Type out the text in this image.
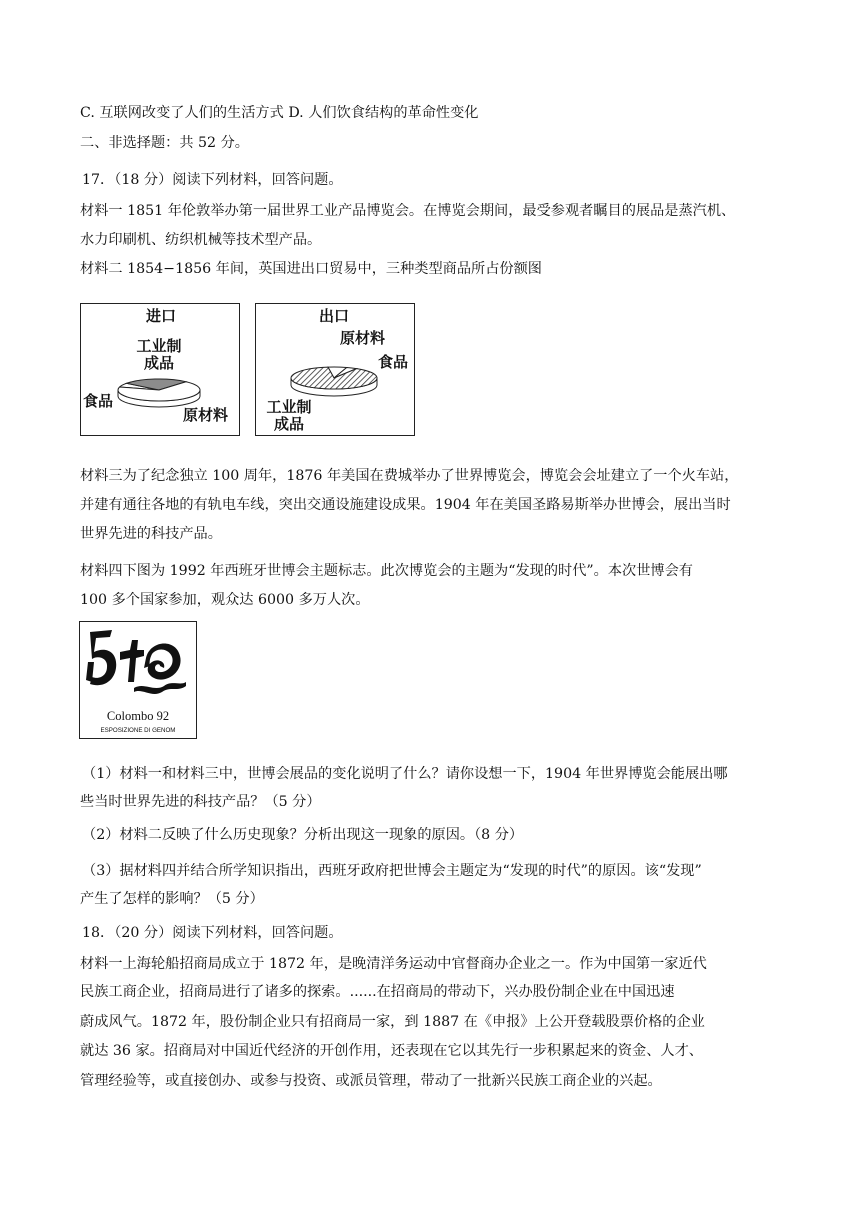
C. 互联网改变了人们的生活方式 D. 人们饮食结构的革命性变化
二、非选择题：共 52 分。
17．（18 分）阅读下列材料，回答问题。
材料一 1851 年伦敦举办第一届世界工业产品博览会。在博览会期间，最受参观者瞩目的展品是蒸汽机、
水力印刷机、纺织机械等技术型产品。
材料二 1854−1856 年间，英国进出口贸易中，三种类型商品所占份额图
进口
工业制
成品
食品
原材料
出口
原材料
食品
工业制
成品
材料三为了纪念独立 100 周年，1876 年美国在费城举办了世界博览会，博览会会址建立了一个火车站，
并建有通往各地的有轨电车线，突出交通设施建设成果。1904 年在美国圣路易斯举办世博会，展出当时
世界先进的科技产品。
材料四下图为 1992 年西班牙世博会主题标志。此次博览会的主题为“发现的时代”。本次世博会有
100 多个国家参加，观众达 6000 多万人次。
Colombo 92
ESPOSIZIONE DI GENOM
（1）材料一和材料三中，世博会展品的变化说明了什么？请你设想一下，1904 年世界博览会能展出哪
些当时世界先进的科技产品？（5 分）
（2）材料二反映了什么历史现象？分析出现这一现象的原因。（8 分）
（3）据材料四并结合所学知识指出，西班牙政府把世博会主题定为“发现的时代”的原因。该“发现”
产生了怎样的影响？（5 分）
18．（20 分）阅读下列材料，回答问题。
材料一上海轮船招商局成立于 1872 年，是晚清洋务运动中官督商办企业之一。作为中国第一家近代
民族工商企业，招商局进行了诸多的探索。......在招商局的带动下，兴办股份制企业在中国迅速
蔚成风气。1872 年，股份制企业只有招商局一家，到 1887 在《申报》上公开登载股票价格的企业
就达 36 家。招商局对中国近代经济的开创作用，还表现在它以其先行一步积累起来的资金、人才、
管理经验等，或直接创办、或参与投资、或派员管理，带动了一批新兴民族工商企业的兴起。
